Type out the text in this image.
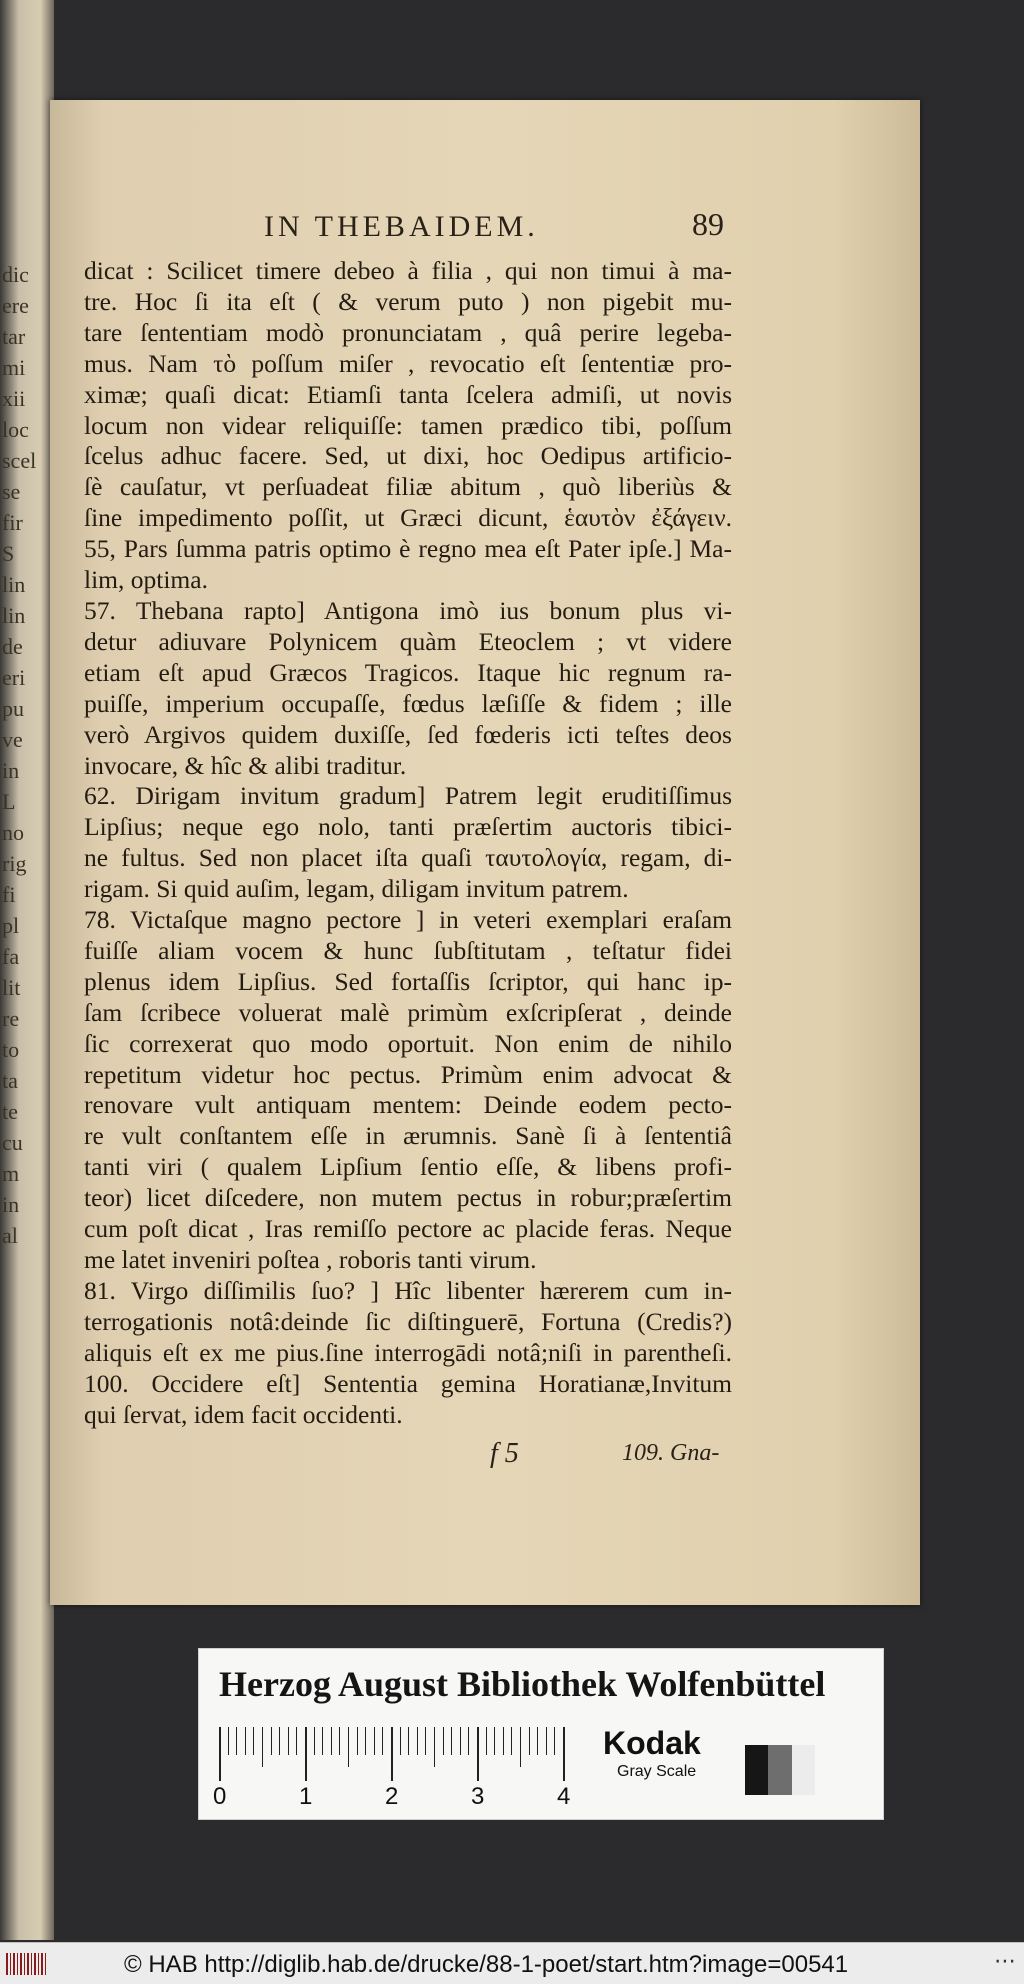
dic
ere
tar
mi
xii
loc
scel
se
fir
S
lin
lin
de
eri
pu
ve
in
L
no
rig
fi
pl
fa
lit
re
to
ta
te
cu
m
in
al
IN THEBAIDEM.	89
dicat : Scilicet timere debeo à filia , qui non timui à ma-
tre. Hoc ſi ita eſt ( & verum puto ) non pigebit mu-
tare ſententiam modò pronunciatam , quâ perire legeba-
mus. Nam τὸ poſſum miſer , revocatio eſt ſententiæ pro-
ximæ; quaſi dicat: Etiamſi tanta ſcelera admiſi, ut novis
locum non videar reliquiſſe: tamen prædico tibi, poſſum
ſcelus adhuc facere. Sed, ut dixi, hoc Oedipus artificio-
ſè cauſatur, vt perſuadeat filiæ abitum , quò liberiùs &
ſine impedimento poſſit, ut Græci dicunt, ἑαυτὸν ἐξάγειν.
55, Pars ſumma patris optimo è regno mea eſt Pater ipſe.] Ma-
lim, optima.
57. Thebana rapto] Antigona imò ius bonum plus vi-
detur adiuvare Polynicem quàm Eteoclem ; vt videre
etiam eſt apud Græcos Tragicos. Itaque hic regnum ra-
puiſſe, imperium occupaſſe, fœdus læſiſſe & fidem ; ille
verò Argivos quidem duxiſſe, ſed fœderis icti teſtes deos
invocare, & hîc & alibi traditur.
62. Dirigam invitum gradum] Patrem legit eruditiſſimus
Lipſius; neque ego nolo, tanti præſertim auctoris tibici-
ne fultus. Sed non placet iſta quaſi ταυτολογία, regam, di-
rigam. Si quid auſim, legam, diligam invitum patrem.
78. Victaſque magno pectore ] in veteri exemplari eraſam
fuiſſe aliam vocem & hunc ſubſtitutam , teſtatur fidei
plenus idem Lipſius. Sed fortaſſis ſcriptor, qui hanc ip-
ſam ſcribece voluerat malè primùm exſcripſerat , deinde
ſic correxerat quo modo oportuit. Non enim de nihilo
repetitum videtur hoc pectus. Primùm enim advocat &
renovare vult antiquam mentem: Deinde eodem pecto-
re vult conſtantem eſſe in ærumnis. Sanè ſi à ſententiâ
tanti viri ( qualem Lipſium ſentio eſſe, & libens profi-
teor) licet diſcedere, non mutem pectus in robur;præſertim
cum poſt dicat , Iras remiſſo pectore ac placide feras. Neque
me latet inveniri poſtea , roboris tanti virum.
81. Virgo diſſimilis ſuo? ] Hîc libenter hærerem cum in-
terrogationis notâ:deinde ſic diſtinguerē, Fortuna (Credis?)
aliquis eſt ex me pius.ſine interrogādi notâ;niſi in parentheſi.
100. Occidere eſt] Sententia gemina Horatianæ,Invitum
qui ſervat, idem facit occidenti.
f 5	109. Gna-
Herzog August Bibliothek Wolfenbüttel
0	1	2	3	4
Kodak
Gray Scale
© HAB http://diglib.hab.de/drucke/88-1-poet/start.htm?image=00541	⋯
